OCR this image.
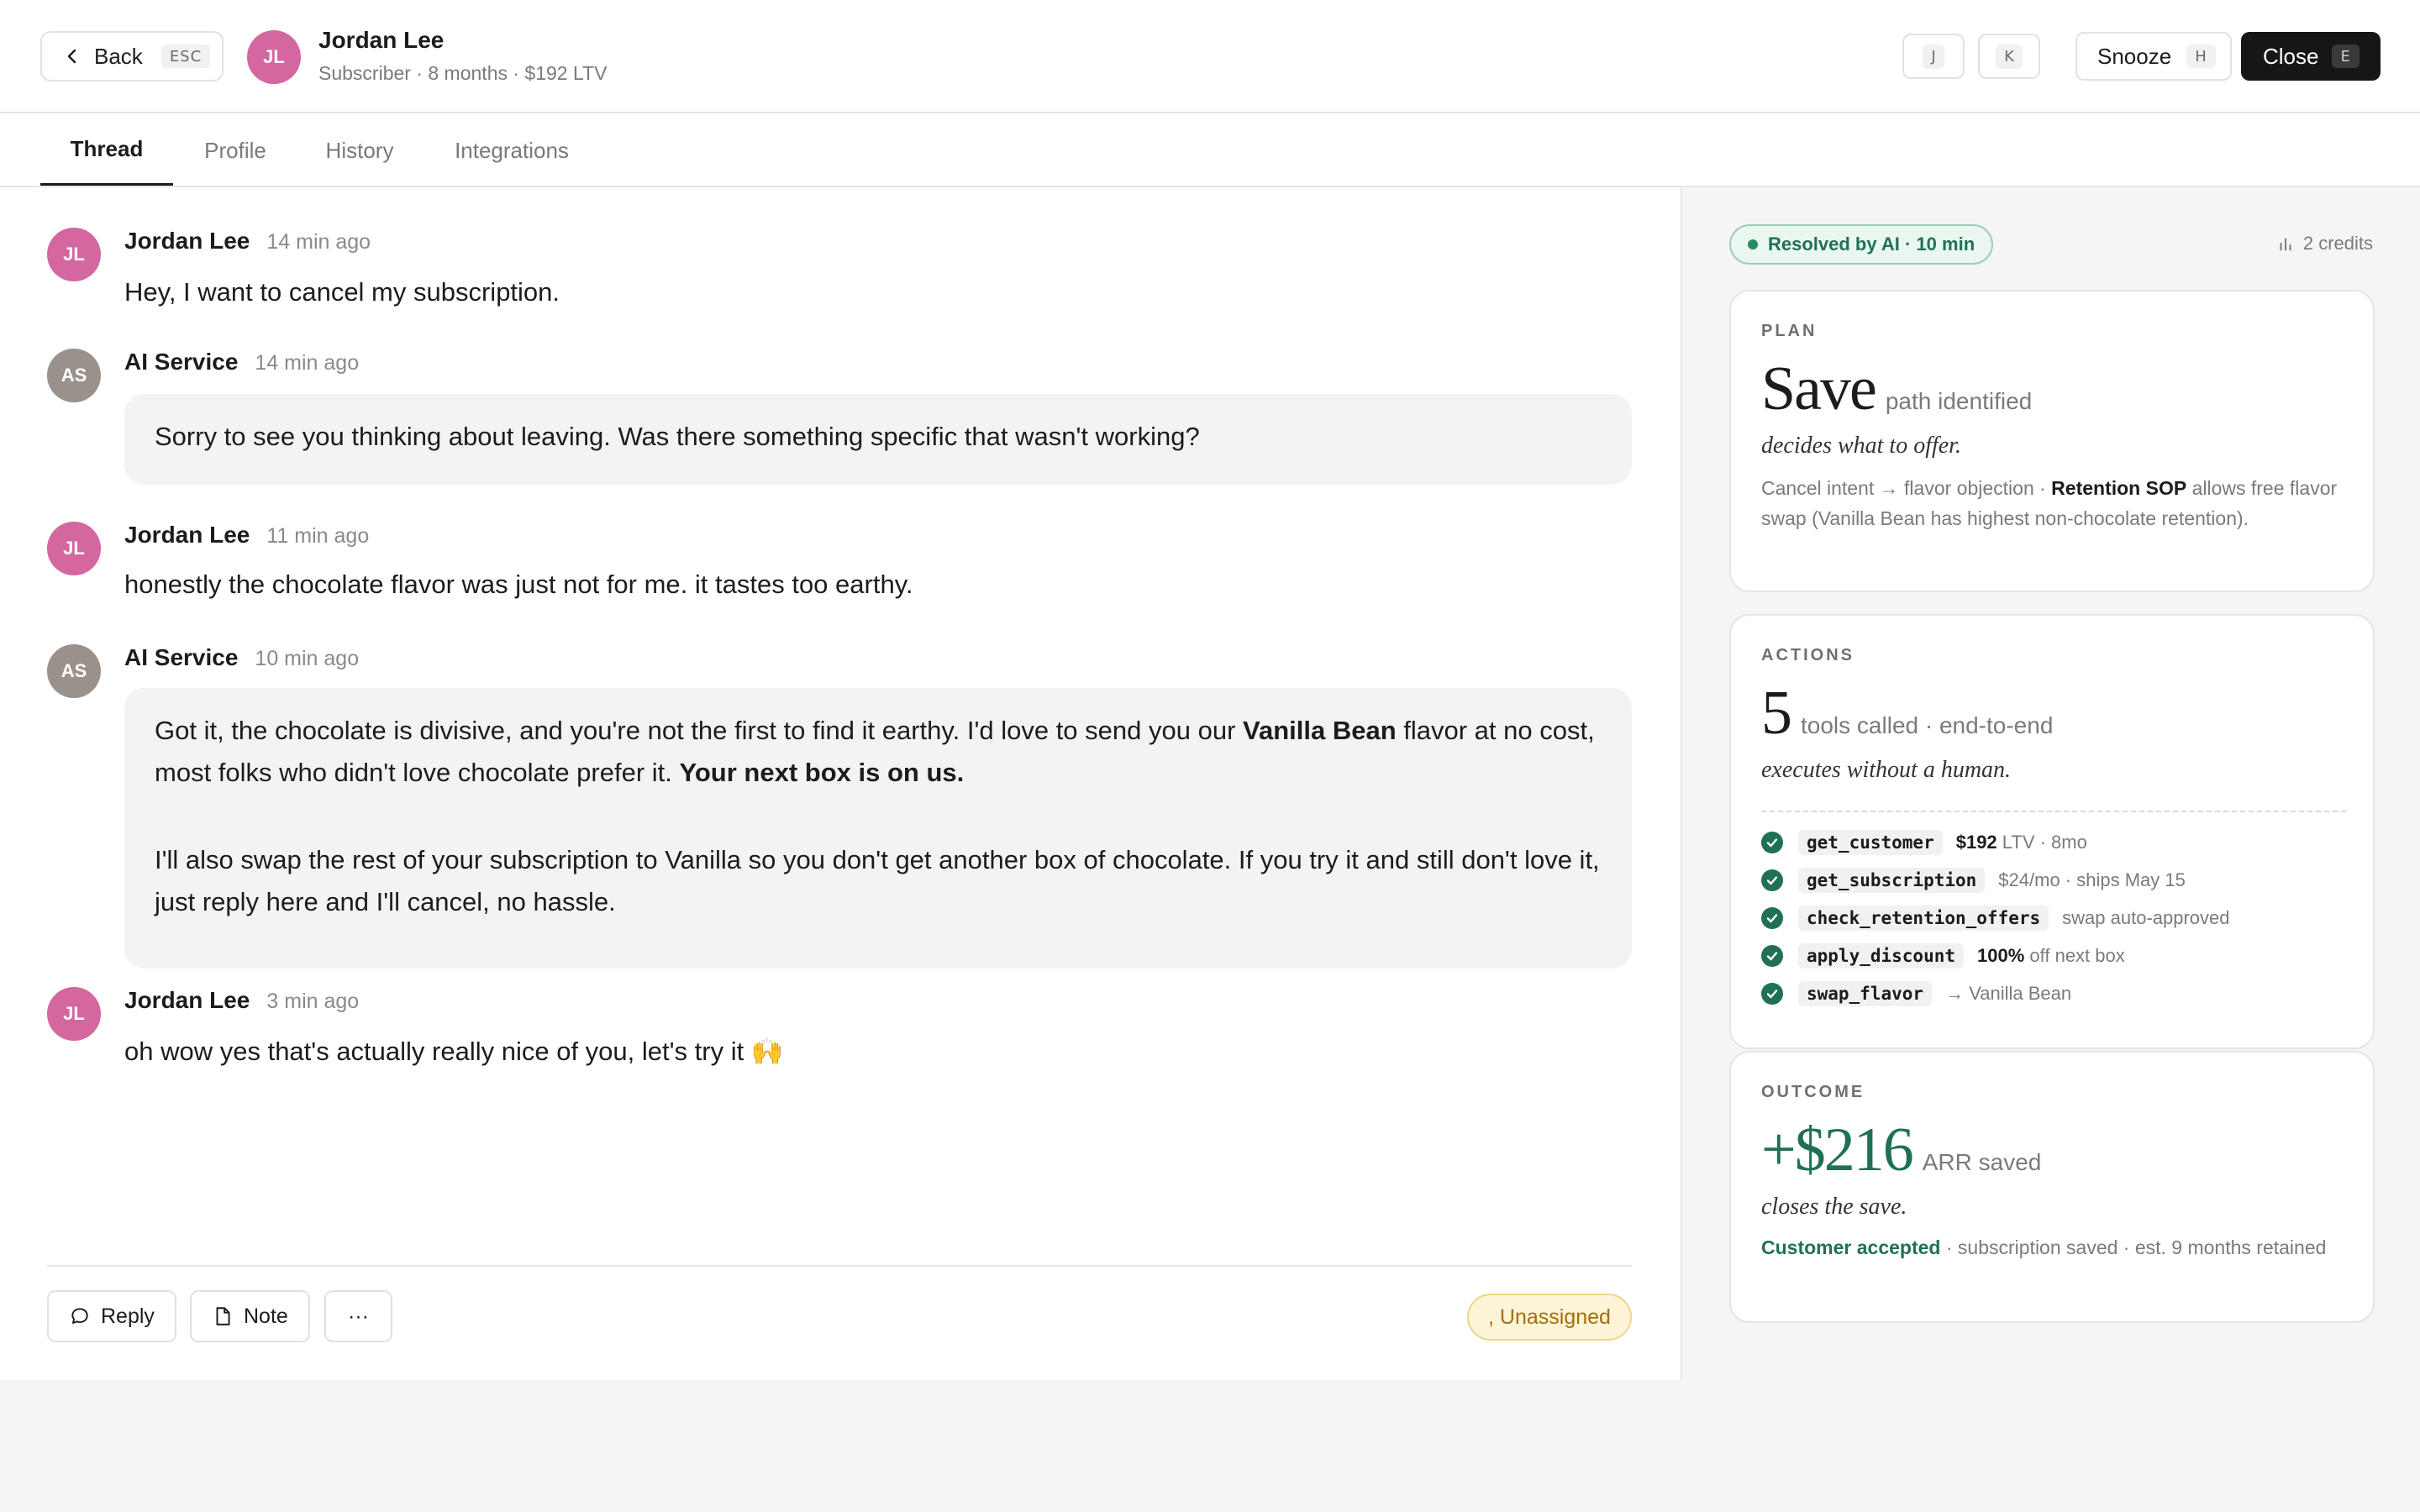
Back	ESC	JL
Jordan Lee
Subscriber · 8 months · $192 LTV
J	K	Snooze	H	Close	E
Thread	Profile	History	Integrations
JL
Jordan Lee 14 min ago
Hey, I want to cancel my subscription.
AS
AI Service 14 min ago
Sorry to see you thinking about leaving. Was there something specific that wasn't working?
JL
Jordan Lee 11 min ago
honestly the chocolate flavor was just not for me. it tastes too earthy.
AS
AI Service 10 min ago
Got it, the chocolate is divisive, and you're not the first to find it earthy. I'd love to send you our Vanilla Bean flavor at no cost, most folks who didn't love chocolate prefer it. Your next box is on us.
I'll also swap the rest of your subscription to Vanilla so you don't get another box of chocolate. If you try it and still don't love it, just reply here and I'll cancel, no hassle.
JL
Jordan Lee 3 min ago
oh wow yes that's actually really nice of you, let's try it 🙌
Reply	Note	···	, Unassigned
Resolved by AI · 10 min	2 credits
PLAN
Save path identified
decides what to offer.
Cancel intent → flavor objection · Retention SOP allows free flavor swap (Vanilla Bean has highest non-chocolate retention).
ACTIONS
5 tools called · end-to-end
executes without a human.
get_customer	$192 LTV · 8mo
get_subscription	$24/mo · ships May 15
check_retention_offers	swap auto-approved
apply_discount	100% off next box
swap_flavor	→ Vanilla Bean
OUTCOME
+$216 ARR saved
closes the save.
Customer accepted · subscription saved · est. 9 months retained
